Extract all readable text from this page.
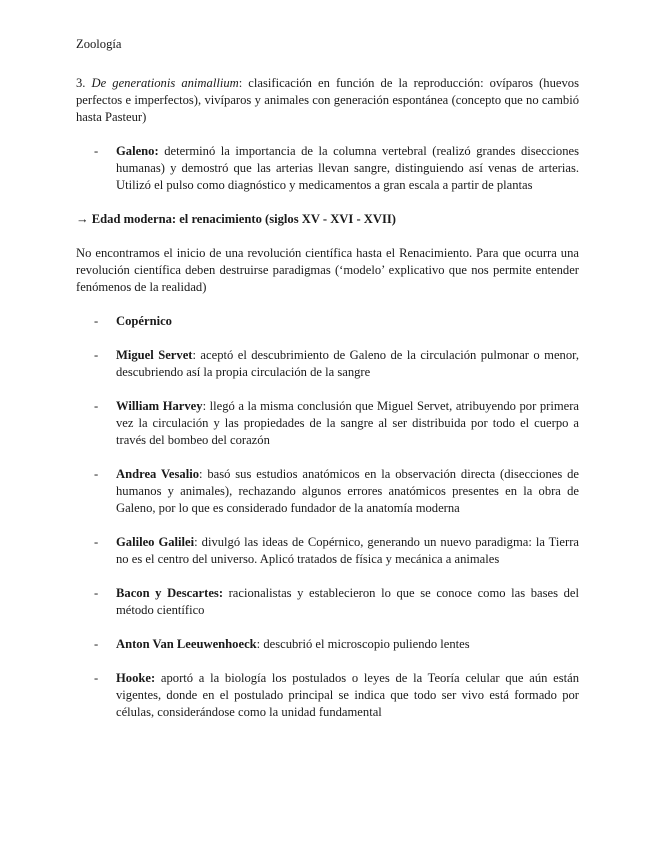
Zoología

3. De generationis animallium: clasificación en función de la reproducción: ovíparos (huevos perfectos e imperfectos), vivíparos y animales con generación espontánea (concepto que no cambió hasta Pasteur)

-	Galeno: determinó la importancia de la columna vertebral (realizó grandes disecciones humanas) y demostró que las arterias llevan sangre, distinguiendo así venas de arterias. Utilizó el pulso como diagnóstico y medicamentos a gran escala a partir de plantas
→ Edad moderna: el renacimiento (siglos XV - XVI - XVII)

No encontramos el inicio de una revolución científica hasta el Renacimiento. Para que ocurra una revolución científica deben destruirse paradigmas (‘modelo’ explicativo que nos permite entender fenómenos de la realidad)

-	Copérnico
-	Miguel Servet: aceptó el descubrimiento de Galeno de la circulación pulmonar o menor, descubriendo así la propia circulación de la sangre
-	William Harvey: llegó a la misma conclusión que Miguel Servet, atribuyendo por primera vez la circulación y las propiedades de la sangre al ser distribuida por todo el cuerpo a través del bombeo del corazón
-	Andrea Vesalio: basó sus estudios anatómicos en la observación directa (disecciones de humanos y animales), rechazando algunos errores anatómicos presentes en la obra de Galeno, por lo que es considerado fundador de la anatomía moderna
-	Galileo Galilei: divulgó las ideas de Copérnico, generando un nuevo paradigma: la Tierra no es el centro del universo. Aplicó tratados de física y mecánica a animales
-	Bacon y Descartes: racionalistas y establecieron lo que se conoce como las bases del método científico
-	Anton Van Leeuwenhoeck: descubrió el microscopio puliendo lentes
-	Hooke: aportó a la biología los postulados o leyes de la Teoría celular que aún están vigentes, donde en el postulado principal se indica que todo ser vivo está formado por células, considerándose como la unidad fundamental
